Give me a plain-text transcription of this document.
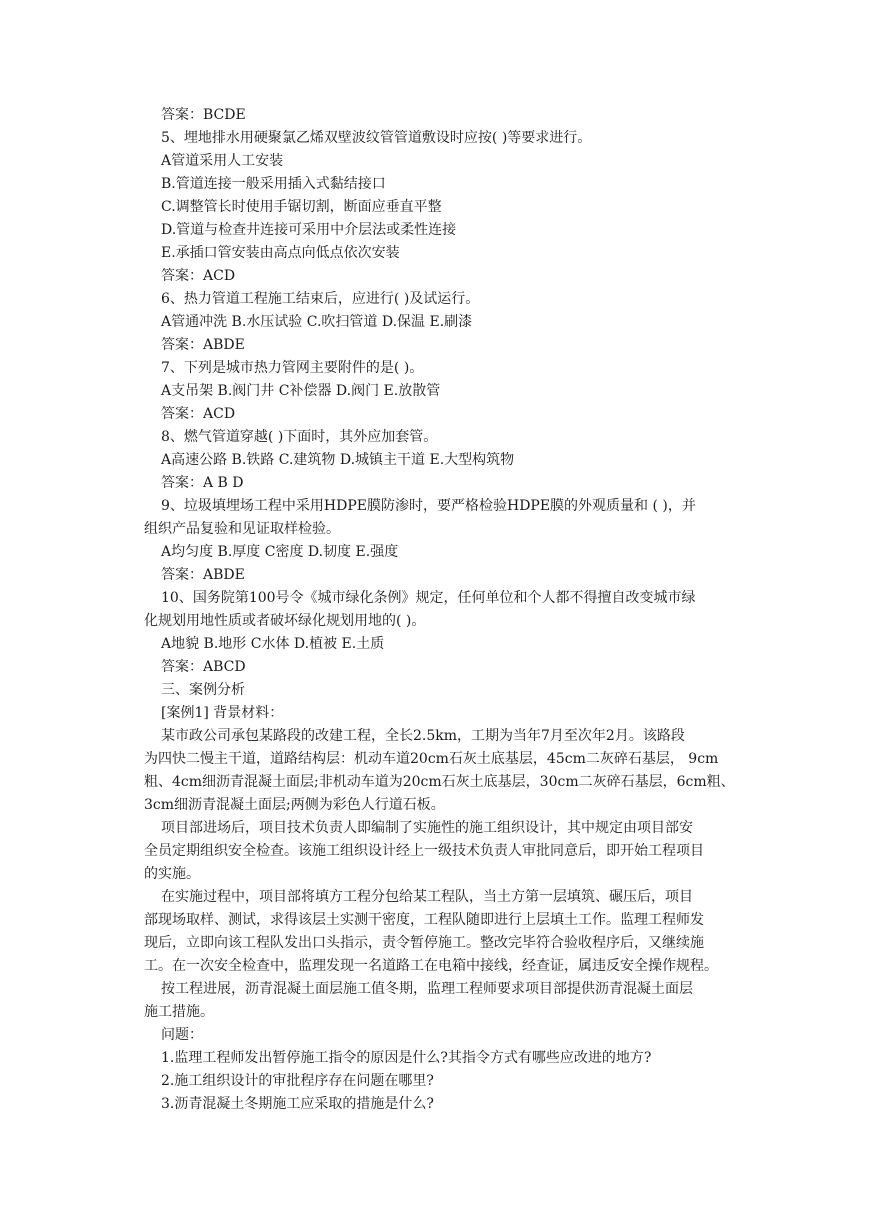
答案：BCDE
5、埋地排水用硬聚氯乙烯双壁波纹管管道敷设时应按( )等要求进行。
A管道采用人工安装
B.管道连接一般采用插入式黏结接口
C.调整管长时使用手锯切割，断面应垂直平整
D.管道与检查井连接可采用中介层法或柔性连接
E.承插口管安装由高点向低点依次安装
答案：ACD
6、热力管道工程施工结束后，应进行( )及试运行。
A管通冲洗 B.水压试验 C.吹扫管道 D.保温 E.刷漆
答案：ABDE
7、下列是城市热力管网主要附件的是( )。
A支吊架 B.阀门井 C补偿器 D.阀门 E.放散管
答案：ACD
8、燃气管道穿越( )下面时，其外应加套管。
A高速公路 B.铁路 C.建筑物 D.城镇主干道 E.大型构筑物
答案：A B D
9、垃圾填埋场工程中采用HDPE膜防渗时，要严格检验HDPE膜的外观质量和 ( )，并
组织产品复验和见证取样检验。
A均匀度 B.厚度 C密度 D.韧度 E.强度
答案：ABDE
10、国务院第100号令《城市绿化条例》规定，任何单位和个人都不得擅自改变城市绿
化规划用地性质或者破坏绿化规划用地的( )。
A地貌 B.地形 C水体 D.植被 E.土质
答案：ABCD
三、案例分析
[案例1] 背景材料：
某市政公司承包某路段的改建工程，全长2.5km，工期为当年7月至次年2月。该路段
为四快二慢主干道，道路结构层：机动车道20cm石灰土底基层，45cm二灰碎石基层， 9cm
粗、4cm细沥青混凝土面层;非机动车道为20cm石灰土底基层，30cm二灰碎石基层，6cm粗、
3cm细沥青混凝土面层;两侧为彩色人行道石板。
项目部进场后，项目技术负责人即编制了实施性的施工组织设计，其中规定由项目部安
全员定期组织安全检查。该施工组织设计经上一级技术负责人审批同意后，即开始工程项目
的实施。
在实施过程中，项目部将填方工程分包给某工程队，当土方第一层填筑、碾压后，项目
部现场取样、测试，求得该层土实测干密度，工程队随即进行上层填土工作。监理工程师发
现后，立即向该工程队发出口头指示，责令暂停施工。整改完毕符合验收程序后，又继续施
工。在一次安全检查中，监理发现一名道路工在电箱中接线，经查证，属违反安全操作规程。
按工程进展，沥青混凝土面层施工值冬期，监理工程师要求项目部提供沥青混凝土面层
施工措施。
问题：
1.监理工程师发出暂停施工指令的原因是什么?其指令方式有哪些应改进的地方?
2.施工组织设计的审批程序存在问题在哪里?
3.沥青混凝土冬期施工应采取的措施是什么?
